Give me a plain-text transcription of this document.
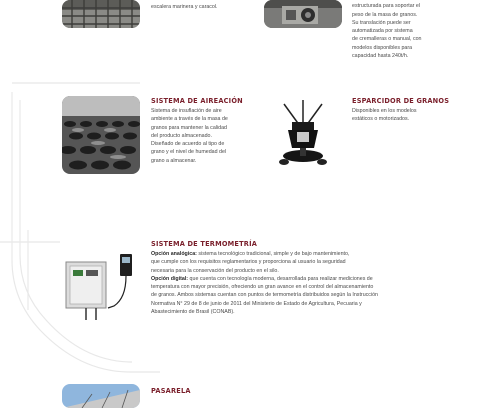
escalera marinera y caracol.	estructurada para soportar el

peso de la masa de granos.

Su translación puede ser

automatizada por sistema

de cremalleras o manual, con

modelos disponibles para

capacidad hasta 240t/h.

SISTEMA DE AIREACIÓN

Sistema de insuflación de aire

ambiente a través de la masa de

granos para mantener la calidad

del producto almacenado.

Diseñado de acuerdo al tipo de

grano y el nivel de humedad del

grano a almacenar.

ESPARCIDOR DE GRANOS

Disponibles en los modelos

estáticos o motorizados.

SISTEMA DE TERMOMETRÍA

Opción analógica: sistema tecnológico tradicional, simple y de bajo mantenimiento,

que cumple con los requisitos reglamentarios y proporciona al usuario la seguridad

necesaria para la conservación del producto en el silo.

Opción digital: que cuenta con tecnología moderna, desarrollada para realizar mediciones de

temperatura con mayor precisión, ofreciendo un gran avance en el control del almacenamiento

de granos. Ambos sistemas cuentan con puntos de termometría distribuidos según la Instrucción

Normativa N° 29 de 8 de junio de 2011 del Ministerio de Estado de Agricultura, Pecuaria y

Abastecimiento de Brasil (CONAB).

PASARELA
